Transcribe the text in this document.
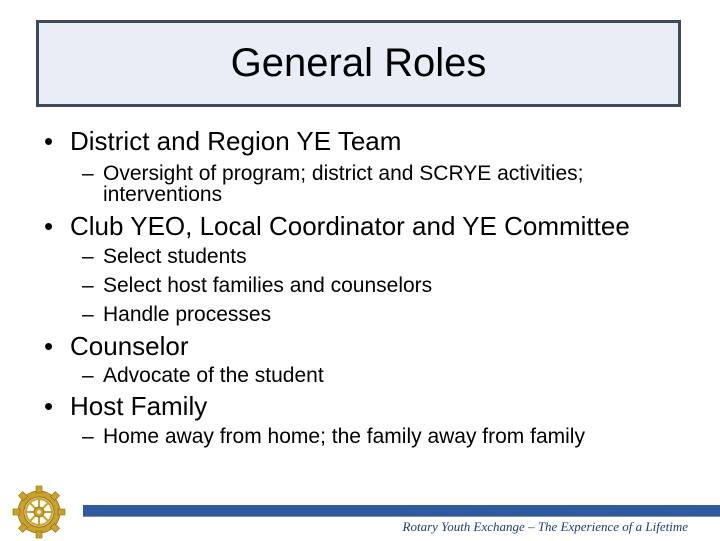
General Roles
• District and Region YE Team
– Oversight of program; district and SCRYE activities; interventions
• Club YEO, Local Coordinator and YE Committee
– Select students
– Select host families and counselors
– Handle processes
• Counselor
– Advocate of the student
• Host Family
– Home away from home; the family away from family
Rotary Youth Exchange – The Experience of a Lifetime
